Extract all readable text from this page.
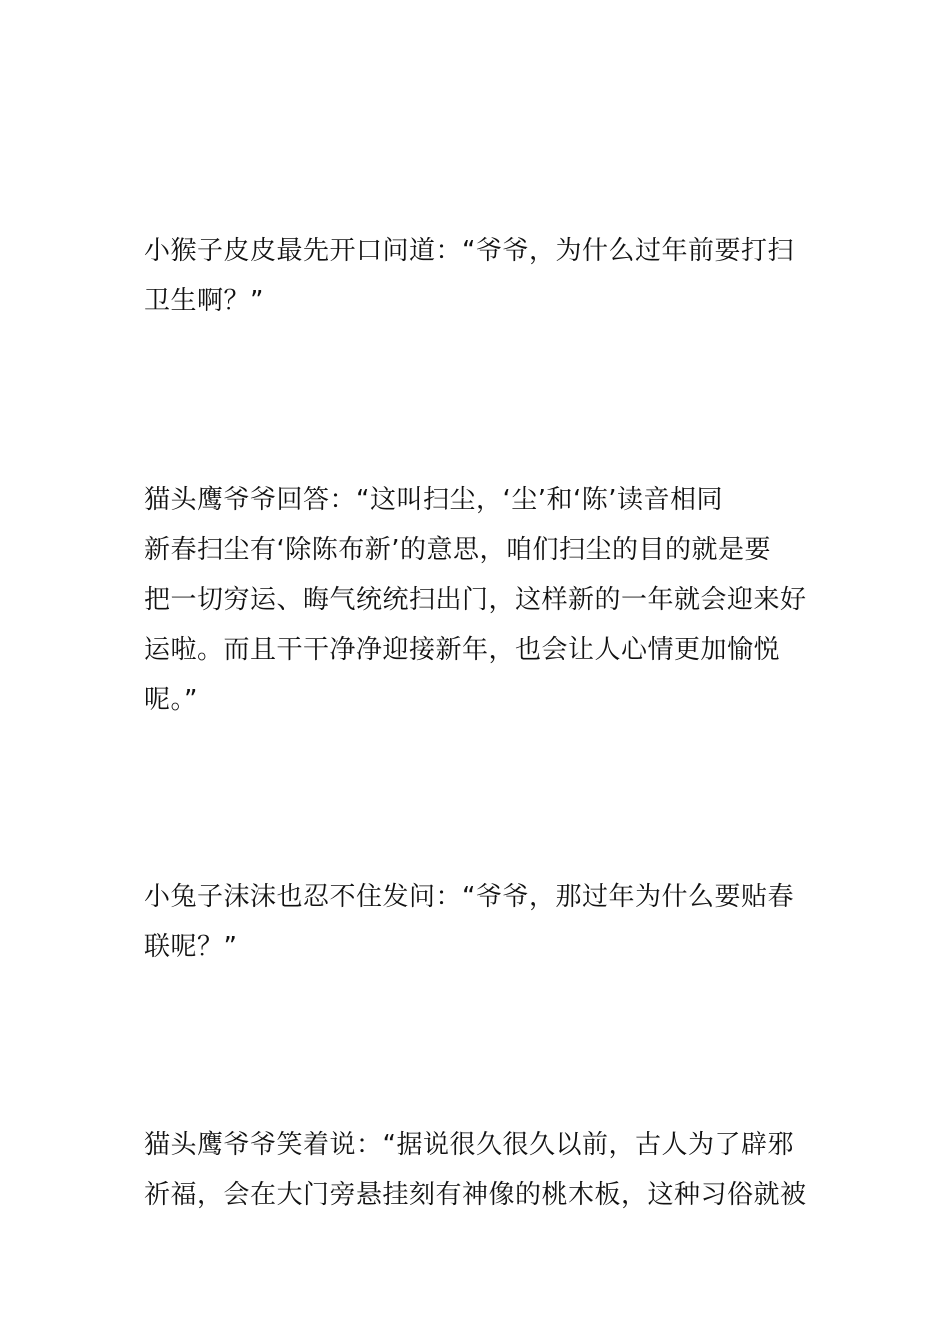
小猴子皮皮最先开口问道：“爷爷，为什么过年前要打扫
卫生啊？”

猫头鹰爷爷回答：“这叫扫尘，‘尘’和‘陈’读音相同
新春扫尘有‘除陈布新’的意思，咱们扫尘的目的就是要
把一切穷运、晦气统统扫出门，这样新的一年就会迎来好
运啦。而且干干净净迎接新年，也会让人心情更加愉悦
呢。”

小兔子沫沫也忍不住发问：“爷爷，那过年为什么要贴春
联呢？”

猫头鹰爷爷笑着说：“据说很久很久以前，古人为了辟邪
祈福，会在大门旁悬挂刻有神像的桃木板，这种习俗就被
